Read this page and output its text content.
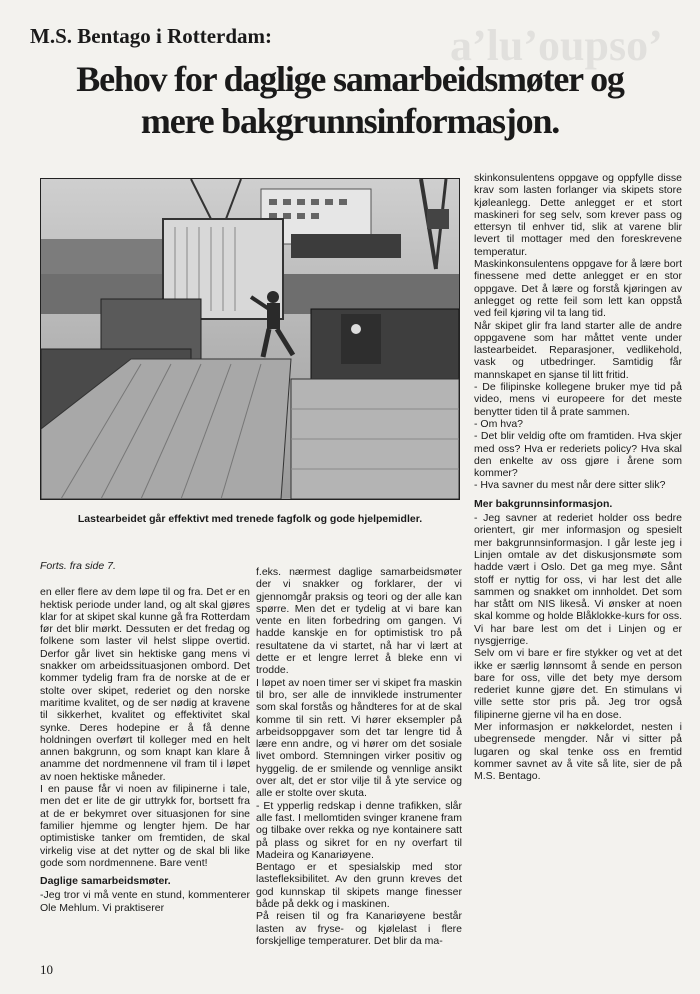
aʼluʼoupsoʼ
M.S. Bentago i Rotterdam:
Behov for daglige samarbeidsmøter og
mere bakgrunnsinformasjon.
Lastearbeidet går effektivt med trenede fagfolk og gode hjelpemidler.

Forts. fra side 7.

en eller flere av dem løpe til og fra. Det er en hektisk periode under land, og alt skal gjøres klar for at skipet skal kunne gå fra Rotterdam før det blir mørkt. Dessuten er det fredag og folkene som laster vil helst slippe overtid. Derfor går livet sin hektiske gang mens vi snakker om arbeidssituasjonen ombord. Det kommer tydelig fram fra de norske at de er stolte over skipet, rederiet og den norske maritime kvalitet, og de ser nødig at kravene til sikkerhet, kvalitet og effektivitet skal synke. Deres hodepine er å få denne holdningen overført til kolleger med en helt annen bakgrunn, og som knapt kan klare å anamme det nordmennene vil fram til i løpet av noen hektiske måneder.

I en pause får vi noen av filipinerne i tale, men det er lite de gir uttrykk for, bortsett fra at de er bekymret over situasjonen for sine familier hjemme og lengter hjem. De har optimistiske tanker om fremtiden, de skal virkelig vise at det nytter og de skal bli like gode som nordmennene. Bare vent!

Daglige samarbeidsmøter.

-Jeg tror vi må vente en stund, kommenterer Ole Mehlum. Vi praktiserer

f.eks. nærmest daglige samarbeidsmøter der vi snakker og forklarer, der vi gjennomgår praksis og teori og der alle kan spørre. Men det er tydelig at vi bare kan vente en liten forbedring om gangen. Vi hadde kanskje en for optimistisk tro på resultatene da vi startet, nå har vi lært at dette er et lengre lerret å bleke enn vi trodde.

I løpet av noen timer ser vi skipet fra maskin til bro, ser alle de innviklede instrumenter som skal forstås og håndteres for at de skal komme til sin rett. Vi hører eksempler på arbeidsoppgaver som det tar lengre tid å lære enn andre, og vi hører om det sosiale livet ombord. Stemningen virker positiv og hyggelig. de er smilende og vennlige ansikt over alt, det er stor vilje til å yte service og alle er stolte over skuta.

- Et ypperlig redskap i denne trafikken, slår alle fast. I mellomtiden svinger kranene fram og tilbake over rekka og nye kontainere satt på plass og sikret for en ny overfart til Madeira og Kanariøyene.

Bentago er et spesialskip med stor lastefleksibilitet. Av den grunn kreves det god kunnskap til skipets mange finesser både på dekk og i maskinen.

På reisen til og fra Kanariøyene består lasten av fryse- og kjølelast i flere forskjellige temperaturer. Det blir da ma-

skinkonsulentens oppgave og oppfylle disse krav som lasten forlanger via skipets store kjøleanlegg. Dette anlegget er et stort maskineri for seg selv, som krever pass og ettersyn til enhver tid, slik at varene blir levert til mottager med den foreskrevene temperatur.

Maskinkonsulentens oppgave for å lære bort finessene med dette anlegget er en stor oppgave. Det å lære og forstå kjøringen av anlegget og rette feil som lett kan oppstå ved feil kjøring vil ta lang tid.

Når skipet glir fra land starter alle de andre oppgavene som har måttet vente under lastearbeidet. Reparasjoner, vedlikehold, vask og utbedringer. Samtidig får mannskapet en sjanse til litt fritid.

- De filipinske kollegene bruker mye tid på video, mens vi europeere for det meste benytter tiden til å prate sammen.

- Om hva?

- Det blir veldig ofte om framtiden. Hva skjer med oss? Hva er rederiets policy? Hva skal den enkelte av oss gjøre i årene som kommer?

- Hva savner du mest når dere sitter slik?

Mer bakgrunnsinformasjon.

- Jeg savner at rederiet holder oss bedre orientert, gir mer informasjon og spesielt mer bakgrunnsinformasjon. I går leste jeg i Linjen omtale av det diskusjonsmøte som hadde vært i Oslo. Det ga meg mye. Sånt stoff er nyttig for oss, vi har lest det alle sammen og snakket om innholdet. Det som har stått om NIS likeså. Vi ønsker at noen skal komme og holde Blåklokke-kurs for oss. Vi har bare lest om det i Linjen og er nysgjerrige.

Selv om vi bare er fire stykker og vet at det ikke er særlig lønnsomt å sende en person bare for oss, ville det bety mye dersom rederiet kunne gjøre det. En stimulans vi ville sette stor pris på. Jeg tror også filipinerne gjerne vil ha en dose.

Mer informasjon er nøkkelordet, nesten i ubegrensede mengder. Når vi sitter på lugaren og skal tenke oss en fremtid kommer savnet av å vite så lite, sier de på M.S. Bentago.

10
